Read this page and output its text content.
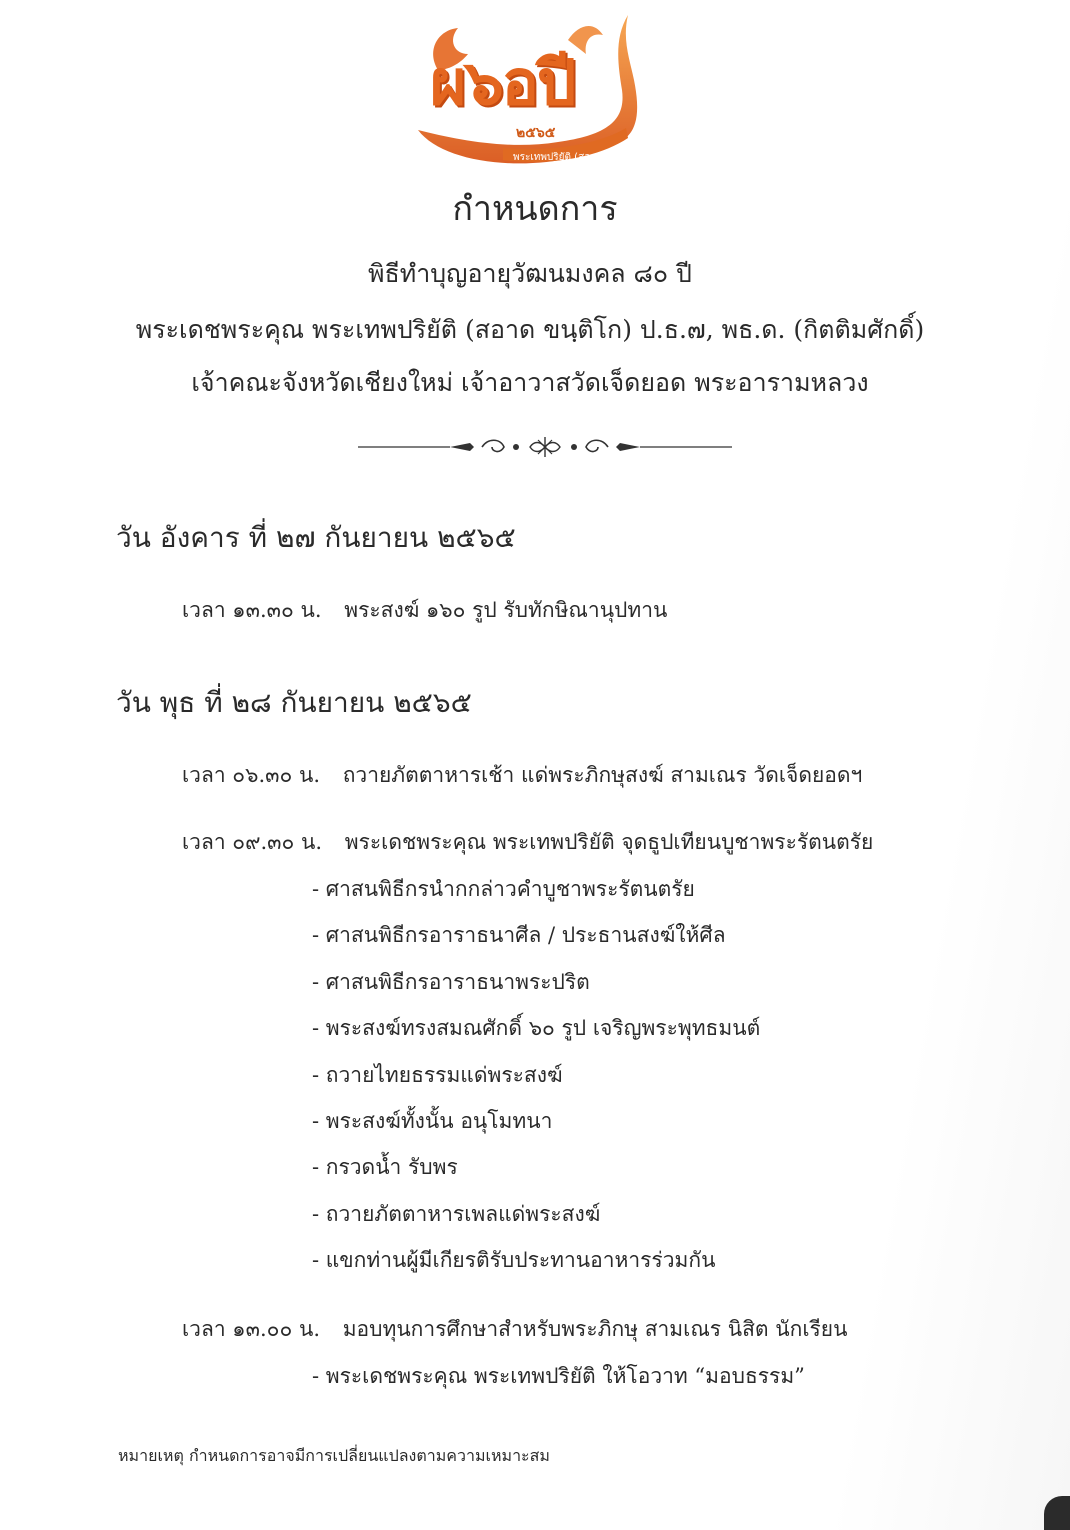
ผ๖อปี
๒๕๖๕
พระเทพปริยัติ (สอาด ขนฺติโก)
กำหนดการ
พิธีทำบุญอายุวัฒนมงคล ๘๐ ปี
พระเดชพระคุณ พระเทพปริยัติ (สอาด ขนฺติโก) ป.ธ.๗, พธ.ด. (กิตติมศักดิ์)
เจ้าคณะจังหวัดเชียงใหม่ เจ้าอาวาสวัดเจ็ดยอด พระอารามหลวง
วัน อังคาร ที่ ๒๗ กันยายน ๒๕๖๕
เวลา ๑๓.๓๐ น. พระสงฆ์ ๑๖๐ รูป รับทักษิณานุปทาน
วัน พุธ ที่ ๒๘ กันยายน ๒๕๖๕
เวลา ๐๖.๓๐ น. ถวายภัตตาหารเช้า แด่พระภิกษุสงฆ์ สามเณร วัดเจ็ดยอดฯ
เวลา ๐๙.๓๐ น. พระเดชพระคุณ พระเทพปริยัติ จุดธูปเทียนบูชาพระรัตนตรัย
- ศาสนพิธีกรนำกกล่าวคำบูชาพระรัตนตรัย
- ศาสนพิธีกรอาราธนาศีล / ประธานสงฆ์ให้ศีล
- ศาสนพิธีกรอาราธนาพระปริต
- พระสงฆ์ทรงสมณศักดิ์ ๖๐ รูป เจริญพระพุทธมนต์
- ถวายไทยธรรมแด่พระสงฆ์
- พระสงฆ์ทั้งนั้น อนุโมทนา
- กรวดน้ำ รับพร
- ถวายภัตตาหารเพลแด่พระสงฆ์
- แขกท่านผู้มีเกียรติรับประทานอาหารร่วมกัน
เวลา ๑๓.๐๐ น. มอบทุนการศึกษาสำหรับพระภิกษุ สามเณร นิสิต นักเรียน
- พระเดชพระคุณ พระเทพปริยัติ ให้โอวาท “มอบธรรม”
หมายเหตุ กำหนดการอาจมีการเปลี่ยนแปลงตามความเหมาะสม
